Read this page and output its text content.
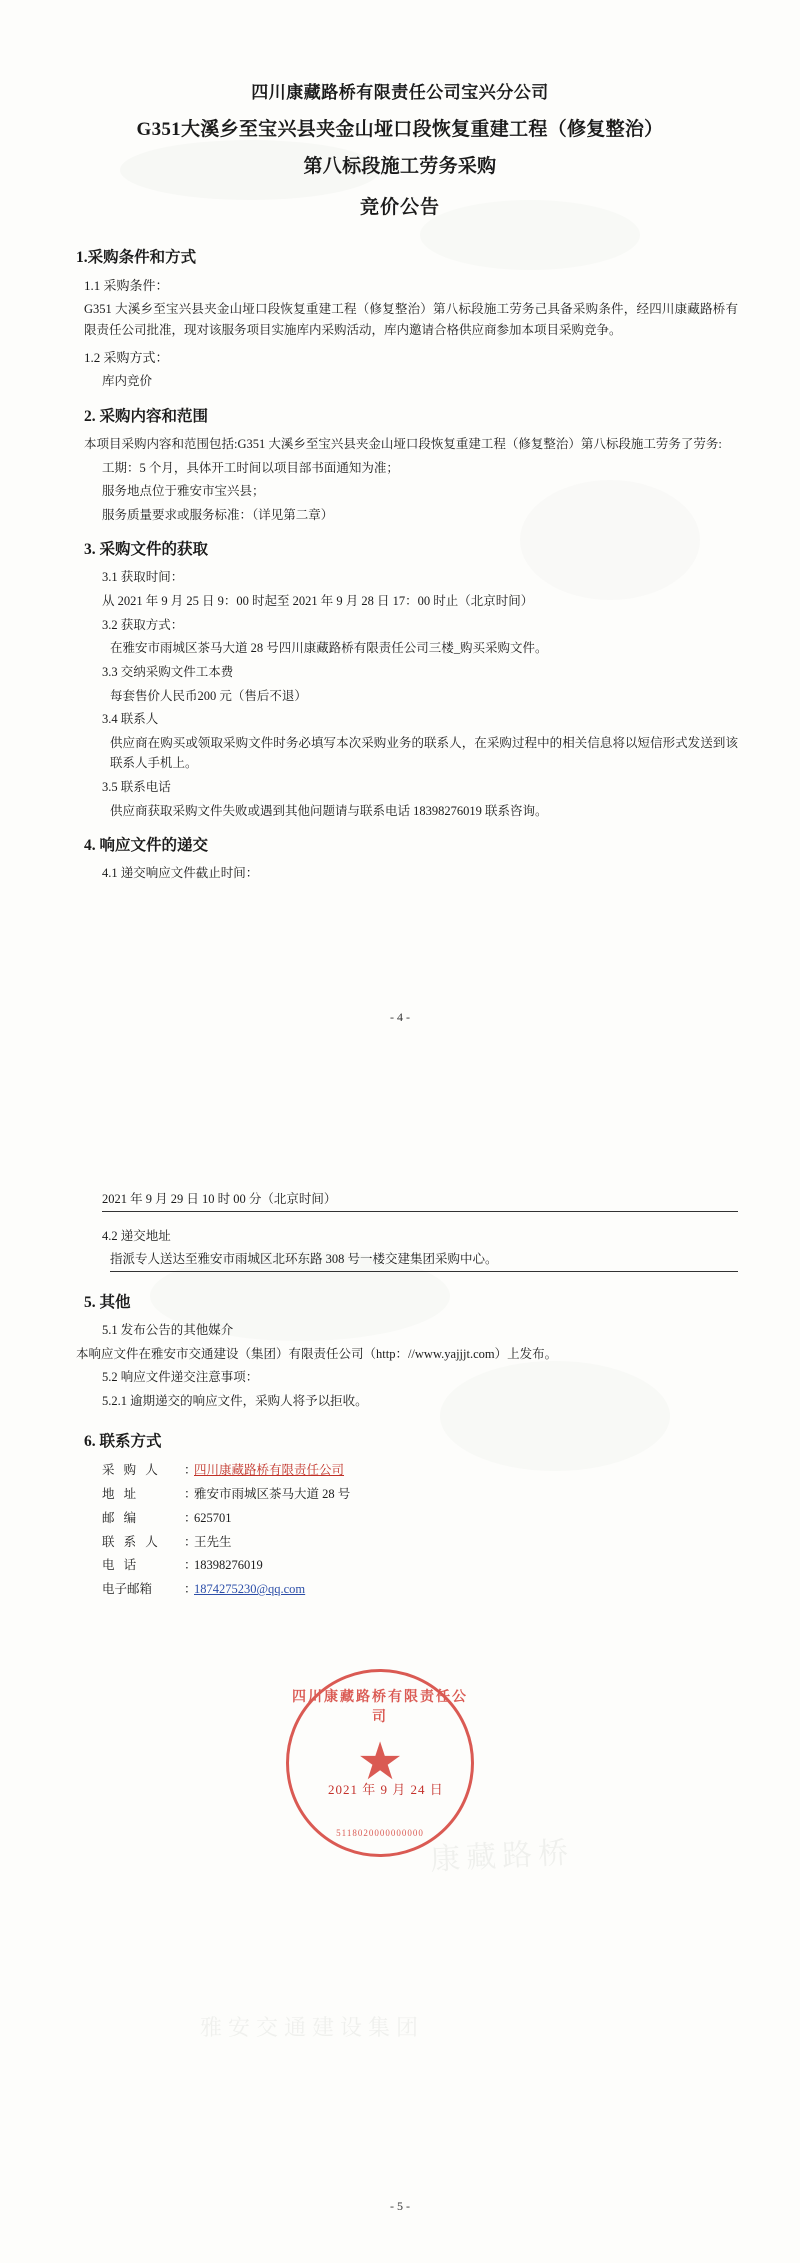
四川康藏路桥有限责任公司宝兴分公司
G351大溪乡至宝兴县夹金山垭口段恢复重建工程（修复整治）
第八标段施工劳务采购
竞价公告
1.采购条件和方式
1.1 采购条件：
G351 大溪乡至宝兴县夹金山垭口段恢复重建工程（修复整治）第八标段施工劳务己具备采购条件，经四川康藏路桥有限责任公司批准，现对该服务项目实施库内采购活动，库内邀请合格供应商参加本项目采购竞争。
1.2 采购方式：
库内竞价
2. 采购内容和范围
本项目采购内容和范围包括:G351 大溪乡至宝兴县夹金山垭口段恢复重建工程（修复整治）第八标段施工劳务了劳务:
工期：5 个月，具体开工时间以项目部书面通知为准；
服务地点位于雅安市宝兴县；
服务质量要求或服务标准：（详见第二章）
3. 采购文件的获取
3.1 获取时间：
从 2021 年 9 月 25 日 9：00 时起至 2021 年 9 月 28 日 17：00 时止（北京时间）
3.2 获取方式：
在雅安市雨城区茶马大道 28 号四川康藏路桥有限责任公司三楼_购买采购文件。
3.3 交纳采购文件工本费
每套售价人民币200 元（售后不退）
3.4 联系人
供应商在购买或领取采购文件时务必填写本次采购业务的联系人，在采购过程中的相关信息将以短信形式发送到该联系人手机上。
3.5 联系电话
供应商获取采购文件失败或遇到其他问题请与联系电话 18398276019 联系咨询。
4. 响应文件的递交
4.1 递交响应文件截止时间：
- 4 -
康藏路桥
雅安交通建设集团
2021 年 9 月 29 日 10 时 00 分（北京时间）
4.2 递交地址
指派专人送达至雅安市雨城区北环东路 308 号一楼交建集团采购中心。
5. 其他
5.1 发布公告的其他媒介
本响应文件在雅安市交通建设（集团）有限责任公司（http：//www.yajjjt.com）上发布。
5.2 响应文件递交注意事项：
5.2.1 逾期递交的响应文件，采购人将予以拒收。
6. 联系方式
采 购 人	：
四川康藏路桥有限责任公司
地 址	：
雅安市雨城区茶马大道 28 号
邮 编	：
625701
联 系 人	：
王先生
电 话	：
18398276019
电子邮箱	：
1874275230@qq.com
四川康藏路桥有限责任公司
★
5118020000000000
2021 年 9 月 24 日
- 5 -
